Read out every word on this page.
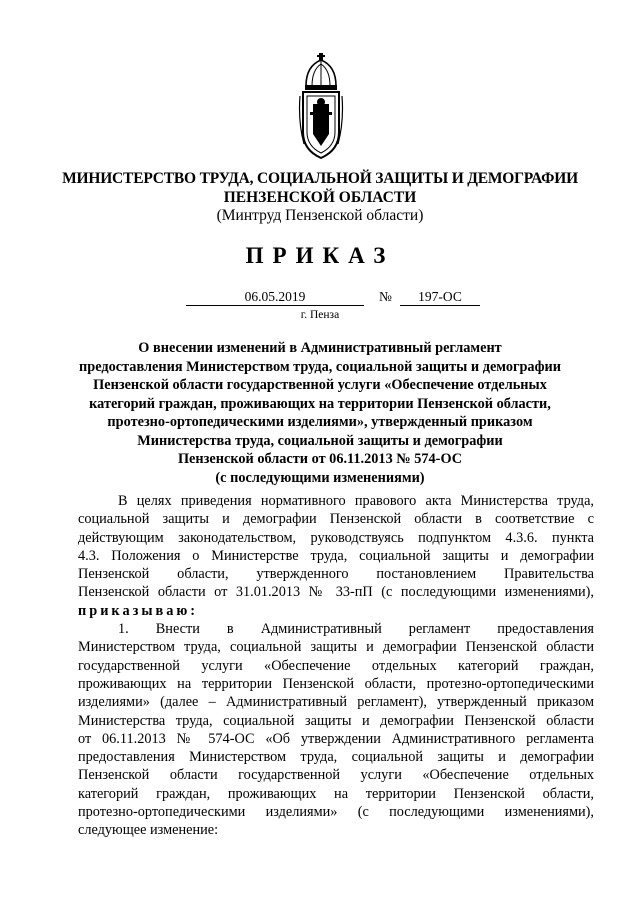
МИНИСТЕРСТВО ТРУДА, СОЦИАЛЬНОЙ ЗАЩИТЫ И ДЕМОГРАФИИ
ПЕНЗЕНСКОЙ ОБЛАСТИ
(Минтруд Пензенской области)
ПРИКАЗ
06.05.2019	№	197-ОС
г. Пенза
О внесении изменений в Административный регламент
предоставления Министерством труда, социальной защиты и демографии
Пензенской области государственной услуги «Обеспечение отдельных
категорий граждан, проживающих на территории Пензенской области,
протезно-ортопедическими изделиями», утвержденный приказом
Министерства труда, социальной защиты и демографии
Пензенской области от 06.11.2013 № 574-ОС
(с последующими изменениями)
В целях приведения нормативного правового акта Министерства труда,
социальной защиты и демографии Пензенской области в соответствие с
действующим законодательством, руководствуясь подпунктом 4.3.6. пункта
4.3. Положения о Министерстве труда, социальной защиты и демографии
Пензенской области, утвержденного постановлением Правительства
Пензенской области от 31.01.2013 № 33-пП (с последующими изменениями),
приказываю:
1. Внести в Административный регламент предоставления
Министерством труда, социальной защиты и демографии Пензенской области
государственной услуги «Обеспечение отдельных категорий граждан,
проживающих на территории Пензенской области, протезно-ортопедическими
изделиями» (далее – Административный регламент), утвержденный приказом
Министерства труда, социальной защиты и демографии Пензенской области
от 06.11.2013 № 574-ОС «Об утверждении Административного регламента
предоставления Министерством труда, социальной защиты и демографии
Пензенской области государственной услуги «Обеспечение отдельных
категорий граждан, проживающих на территории Пензенской области,
протезно-ортопедическими изделиями» (с последующими изменениями),
следующее изменение:
